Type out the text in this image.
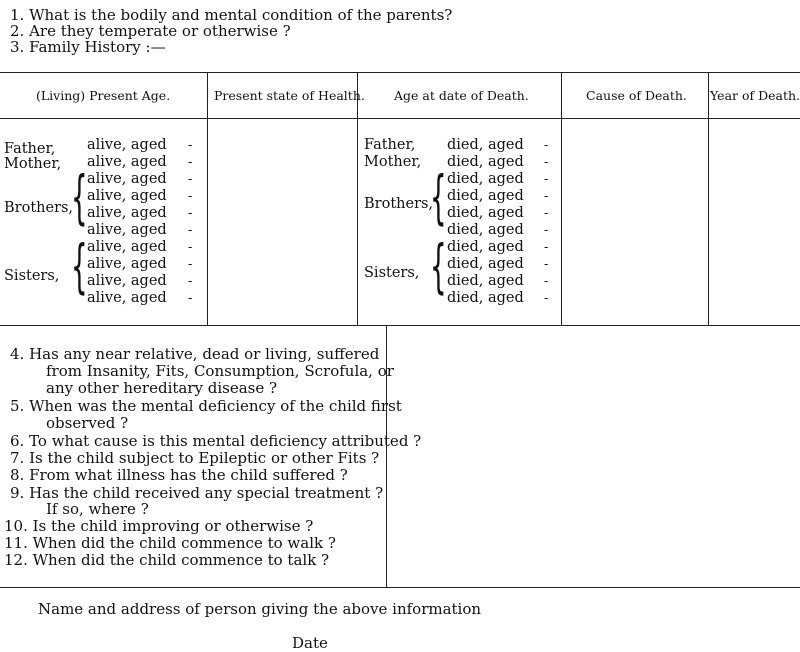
1. What is the bodily and mental condition of the parents?
2. Are they temperate or otherwise ?
3. Family History :—
(Living) Present Age.	Present state of Health. Age at date of Death.	Cause of Death. Year of Death.
Father,
Mother,
Brothers,
Sisters,
{
{
alive, aged
alive, aged
alive, aged
alive, aged
alive, aged
alive, aged
alive, aged
alive, aged
alive, aged
alive, aged
-
-
-
-
-
-
-
-
-
-
Father,
Mother,
Brothers,
Sisters,
{
{
died, aged
died, aged
died, aged
died, aged
died, aged
died, aged
died, aged
died, aged
died, aged
died, aged
-
-
-
-
-
-
-
-
-
-
4. Has any near relative, dead or living, suffered
from Insanity, Fits, Consumption, Scrofula, or
any other hereditary disease ?
5. When was the mental deficiency of the child first
observed ?
6. To what cause is this mental deficiency attributed ?
7. Is the child subject to Epileptic or other Fits ?
8. From what illness has the child suffered ?
9. Has the child received any special treatment ?
If so, where ?
10. Is the child improving or otherwise ?
11. When did the child commence to walk ?
12. When did the child commence to talk ?
Name and address of person giving the above information
Date
